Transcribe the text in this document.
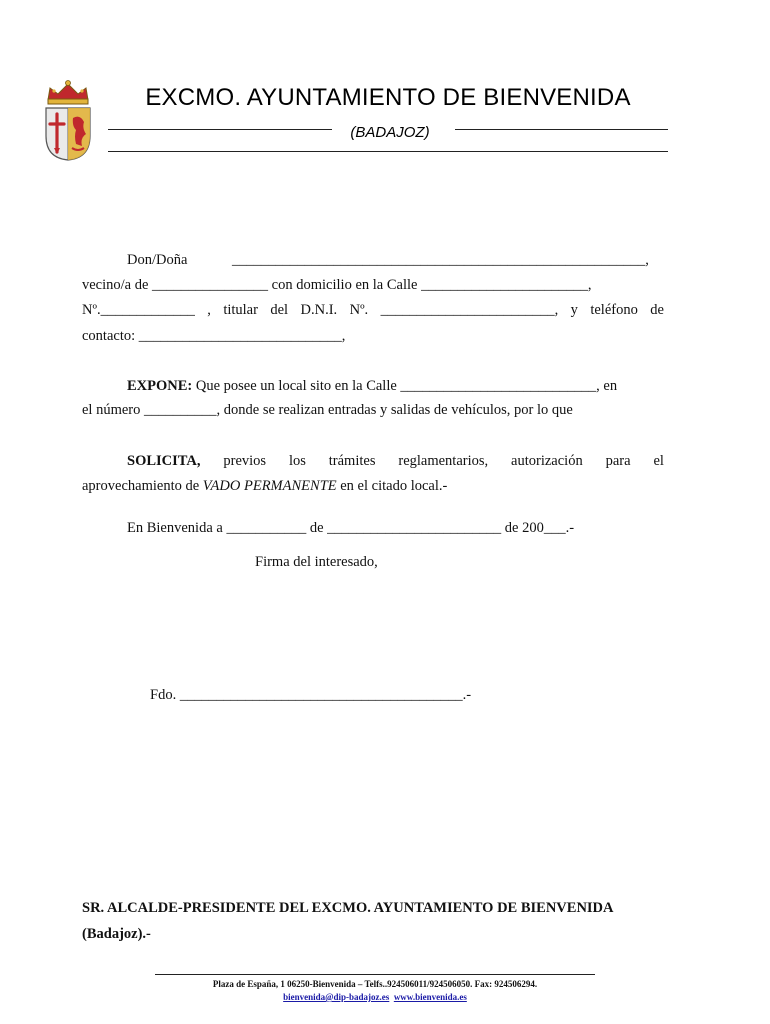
EXCMO. AYUNTAMIENTO DE BIENVENIDA
(BADAJOZ)
Don/Doña	_________________________________________________________,
vecino/a de ________________ con domicilio en la Calle _______________________,
Nº._____________ , titular del D.N.I. Nº. ________________________, y teléfono de
contacto: ____________________________,
EXPONE: Que posee un local sito en la Calle ___________________________, en
el número __________, donde se realizan entradas y salidas de vehículos, por lo que
SOLICITA, previos los trámites reglamentarios, autorización para el
aprovechamiento de VADO PERMANENTE en el citado local.-
En Bienvenida a ___________ de ________________________ de 200___.-
Firma del interesado,
Fdo. _______________________________________.-
SR. ALCALDE-PRESIDENTE DEL EXCMO. AYUNTAMIENTO DE BIENVENIDA
(Badajoz).-
Plaza de España, 1 06250-Bienvenida – Telfs..924506011/924506050. Fax: 924506294.
bienvenida@dip-badajoz.es www.bienvenida.es
